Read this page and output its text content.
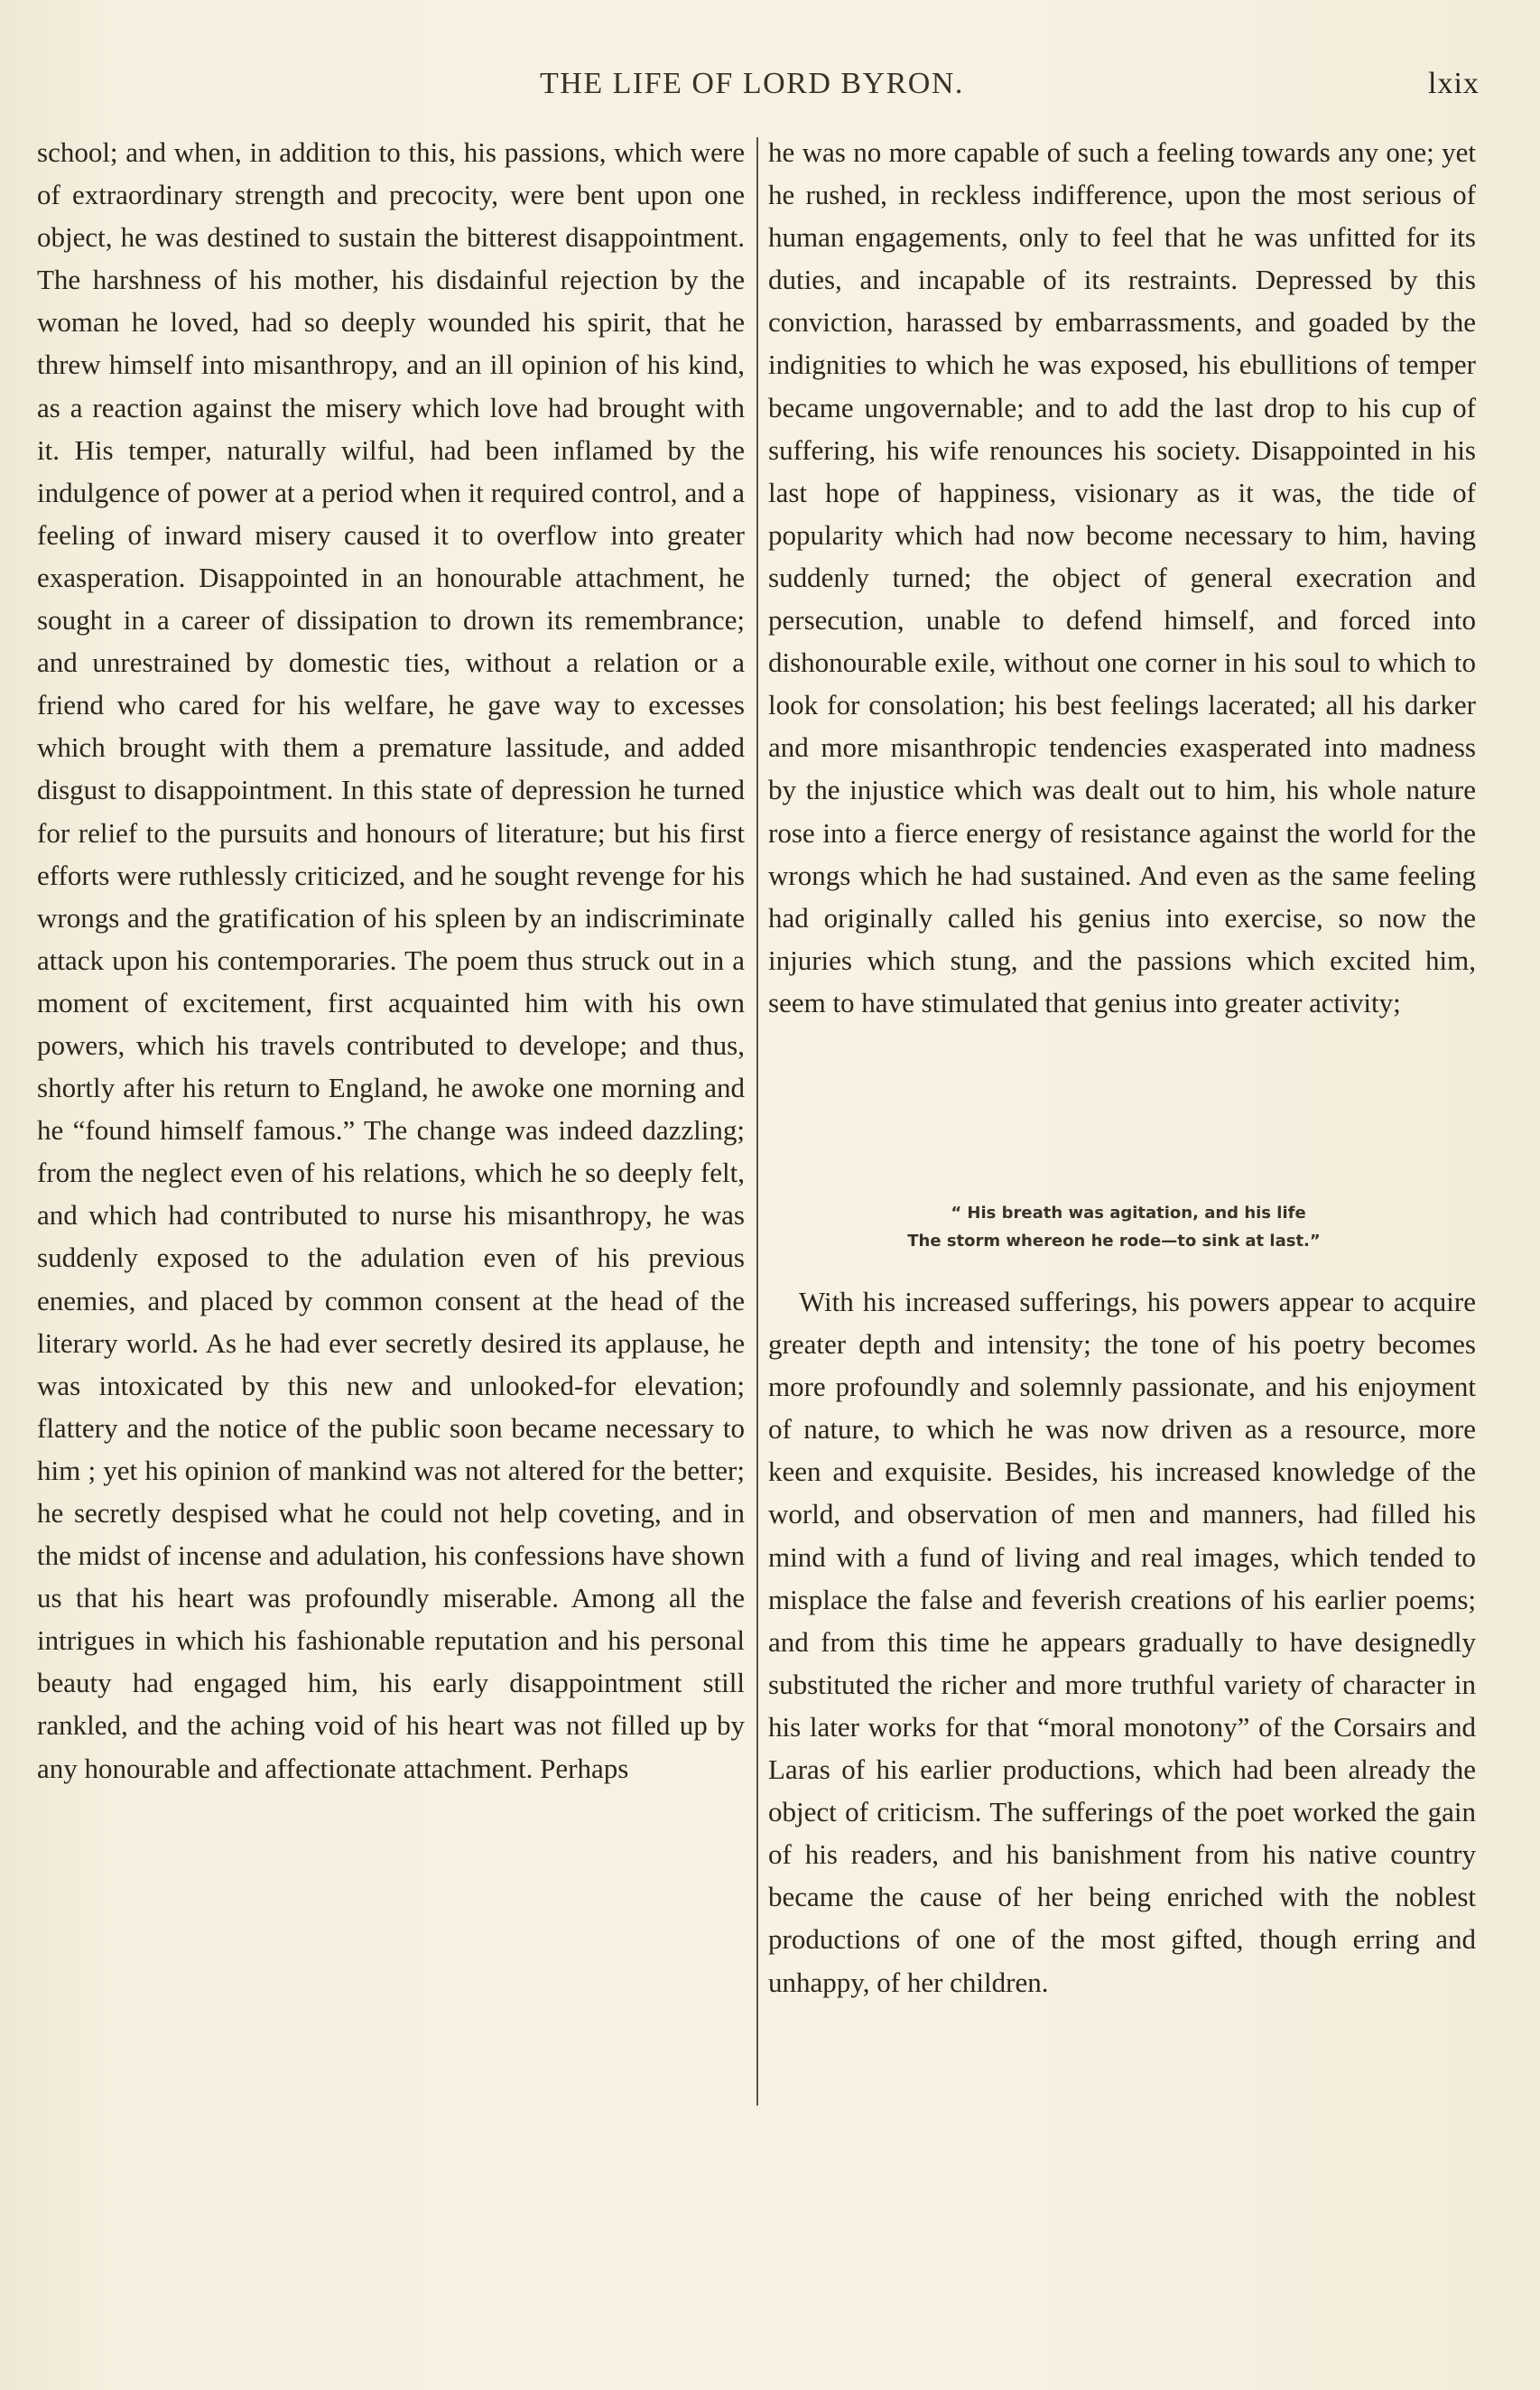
THE LIFE OF LORD BYRON.	lxix

school; and when, in addition to this, his passions, which were of extraordinary strength and precocity, were bent upon one object, he was destined to sustain the bitterest disappointment. The harshness of his mother, his disdainful rejection by the woman he loved, had so deeply wounded his spirit, that he threw himself into misanthropy, and an ill opinion of his kind, as a reaction against the misery which love had brought with it. His temper, naturally wilful, had been inflamed by the indulgence of power at a period when it required control, and a feeling of inward misery caused it to overflow into greater exasperation. Disappointed in an honourable attachment, he sought in a career of dissipation to drown its remembrance; and unrestrained by domestic ties, without a relation or a friend who cared for his welfare, he gave way to excesses which brought with them a premature lassitude, and added disgust to disappointment. In this state of depression he turned for relief to the pursuits and honours of literature; but his first efforts were ruthlessly criticized, and he sought revenge for his wrongs and the gratification of his spleen by an indiscriminate attack upon his contemporaries. The poem thus struck out in a moment of excitement, first acquainted him with his own powers, which his travels contributed to develope; and thus, shortly after his return to England, he awoke one morning and he “found himself famous.” The change was indeed dazzling; from the neglect even of his relations, which he so deeply felt, and which had contributed to nurse his misanthropy, he was suddenly exposed to the adulation even of his previous enemies, and placed by common consent at the head of the literary world. As he had ever secretly desired its applause, he was intoxicated by this new and unlooked-for elevation; flattery and the notice of the public soon became necessary to him ; yet his opinion of mankind was not altered for the better; he secretly despised what he could not help coveting, and in the midst of incense and adulation, his confessions have shown us that his heart was profoundly miserable. Among all the intrigues in which his fashionable reputation and his personal beauty had engaged him, his early disappointment still rankled, and the aching void of his heart was not filled up by any honourable and affectionate attachment. Perhaps

he was no more capable of such a feeling towards any one; yet he rushed, in reckless indifference, upon the most serious of human engagements, only to feel that he was unfitted for its duties, and incapable of its restraints. Depressed by this conviction, harassed by embarrassments, and goaded by the indignities to which he was exposed, his ebullitions of temper became ungovernable; and to add the last drop to his cup of suffering, his wife renounces his society. Disappointed in his last hope of happiness, visionary as it was, the tide of popularity which had now become necessary to him, having suddenly turned; the object of general execration and persecution, unable to defend himself, and forced into dishonourable exile, without one corner in his soul to which to look for consolation; his best feelings lacerated; all his darker and more misanthropic tendencies exasperated into madness by the injustice which was dealt out to him, his whole nature rose into a fierce energy of resistance against the world for the wrongs which he had sustained. And even as the same feeling had originally called his genius into exercise, so now the injuries which stung, and the passions which excited him, seem to have stimulated that genius into greater activity;

“ His breath was agitation, and his life
The storm whereon he rode—to sink at last.”

With his increased sufferings, his powers appear to acquire greater depth and intensity; the tone of his poetry becomes more profoundly and solemnly passionate, and his enjoyment of nature, to which he was now driven as a resource, more keen and exquisite. Besides, his increased knowledge of the world, and observation of men and manners, had filled his mind with a fund of living and real images, which tended to misplace the false and feverish creations of his earlier poems; and from this time he appears gradually to have designedly substituted the richer and more truthful variety of character in his later works for that “moral monotony” of the Corsairs and Laras of his earlier productions, which had been already the object of criticism. The sufferings of the poet worked the gain of his readers, and his banishment from his native country became the cause of her being enriched with the noblest productions of one of the most gifted, though erring and unhappy, of her children.
